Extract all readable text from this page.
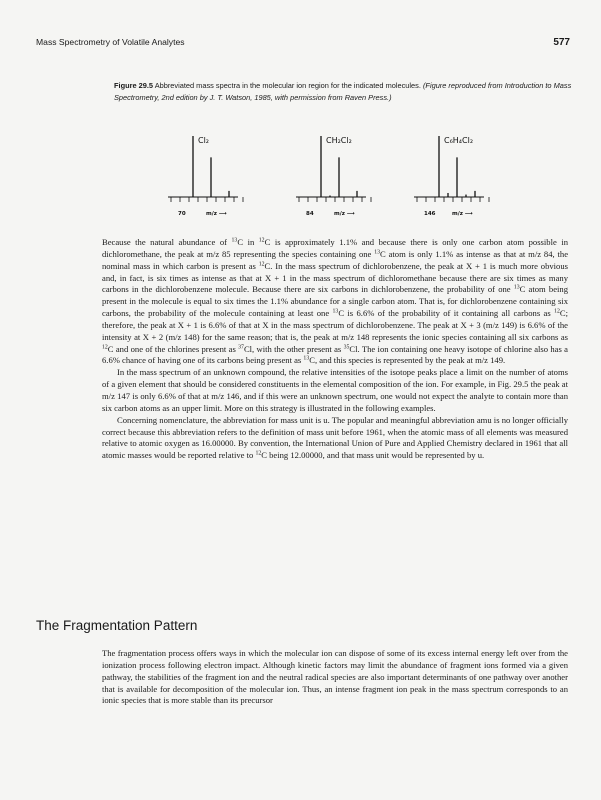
Mass Spectrometry of Volatile Analytes	577
Figure 29.5 Abbreviated mass spectra in the molecular ion region for the indicated molecules. (Figure reproduced from Introduction to Mass Spectrometry, 2nd edition by J. T. Watson, 1985, with permission from Raven Press.)
Cl₂
70	m/z ⟶
CH₂Cl₂
84	m/z ⟶
C₆H₄Cl₂
146	m/z ⟶

Because the natural abundance of $^{13}$C in $^{12}$C is approximately 1.1% and because there is only one carbon atom possible in dichloromethane, the peak at m/z 85 representing the species containing one $^{13}$C atom is only 1.1% as intense as that at m/z 84, the nominal mass in which carbon is present as $^{12}$C. In the mass spectrum of dichlorobenzene, the peak at X + 1 is much more obvious and, in fact, is six times as intense as that at X + 1 in the mass spectrum of dichloromethane because there are six times as many carbons in the dichlorobenzene molecule. Because there are six carbons in dichlorobenzene, the probability of one $^{13}$C atom being present in the molecule is equal to six times the 1.1% abundance for a single carbon atom. That is, for dichlorobenzene containing six carbons, the probability of the molecule containing at least one $^{13}$C is 6.6% of the probability of it containing all carbons as $^{12}$C; therefore, the peak at X + 1 is 6.6% of that at X in the mass spectrum of dichlorobenzene. The peak at X + 3 (m/z 149) is 6.6% of the intensity at X + 2 (m/z 148) for the same reason; that is, the peak at m/z 148 represents the ionic species containing all six carbons as $^{12}$C and one of the chlorines present as $^{37}$Cl, with the other present as $^{35}$Cl. The ion containing one heavy isotope of chlorine also has a 6.6% chance of having one of its carbons being present as $^{13}$C, and this species is represented by the peak at m/z 149.

In the mass spectrum of an unknown compound, the relative intensities of the isotope peaks place a limit on the number of atoms of a given element that should be considered constituents in the elemental composition of the ion. For example, in Fig. 29.5 the peak at m/z 147 is only 6.6% of that at m/z 146, and if this were an unknown spectrum, one would not expect the analyte to contain more than six carbon atoms as an upper limit. More on this strategy is illustrated in the following examples.

Concerning nomenclature, the abbreviation for mass unit is u. The popular and meaningful abbreviation amu is no longer officially correct because this abbreviation refers to the definition of mass unit before 1961, when the atomic mass of all elements was measured relative to atomic oxygen as 16.00000. By convention, the International Union of Pure and Applied Chemistry declared in 1961 that all atomic masses would be reported relative to $^{12}$C being 12.00000, and that mass unit would be represented by u.

The Fragmentation Pattern

The fragmentation process offers ways in which the molecular ion can dispose of some of its excess internal energy left over from the ionization process following electron impact. Although kinetic factors may limit the abundance of fragment ions formed via a given pathway, the stabilities of the fragment ion and the neutral radical species are also important determinants of one pathway over another that is available for decomposition of the molecular ion. Thus, an intense fragment ion peak in the mass spectrum corresponds to an ionic species that is more stable than its precursor
